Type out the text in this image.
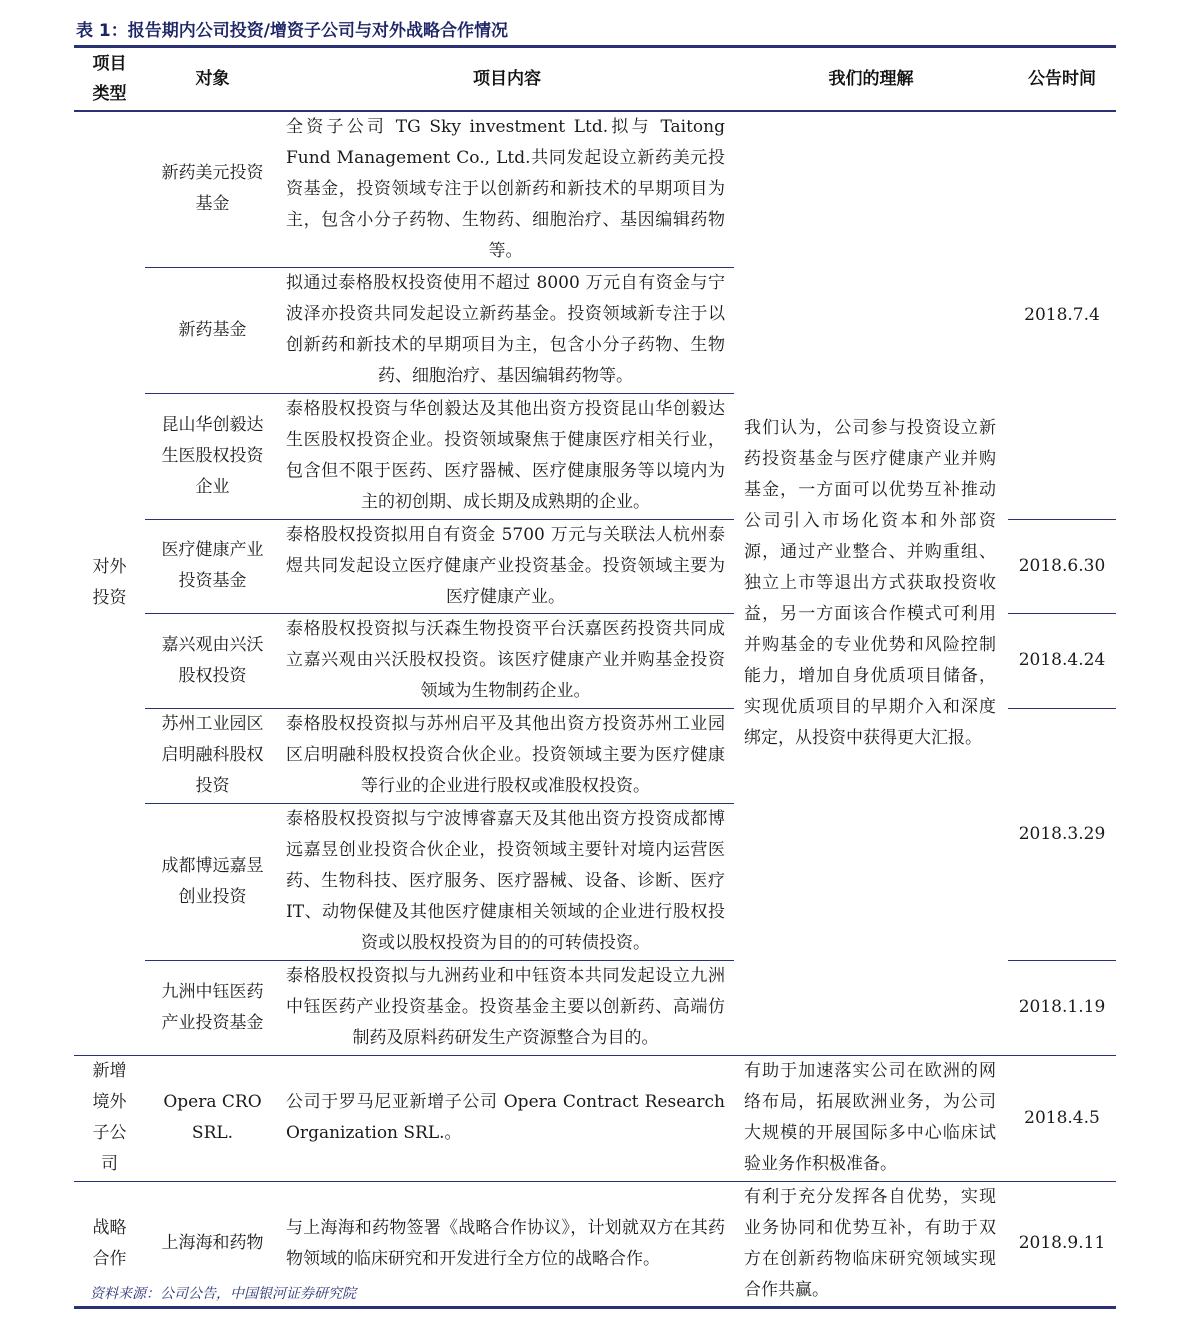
表 1：报告期内公司投资/增资子公司与对外战略合作情况
项目类型	对象	项目内容	我们的理解	公告时间
对外投资	新药美元投资基金	全资子公司 TG Sky investment Ltd.拟与 Taitong Fund Management Co., Ltd.共同发起设立新药美元投资基金，投资领域专注于以创新药和新技术的早期项目为主，包含小分子药物、生物药、细胞治疗、基因编辑药物等。	我们认为，公司参与投资设立新药投资基金与医疗健康产业并购基金，一方面可以优势互补推动公司引入市场化资本和外部资源，通过产业整合、并购重组、独立上市等退出方式获取投资收益，另一方面该合作模式可利用并购基金的专业优势和风险控制能力，增加自身优质项目储备，实现优质项目的早期介入和深度绑定，从投资中获得更大汇报。	2018.7.4
	新药基金	拟通过泰格股权投资使用不超过 8000 万元自有资金与宁波泽亦投资共同发起设立新药基金。投资领域新专注于以创新药和新技术的早期项目为主，包含小分子药物、生物药、细胞治疗、基因编辑药物等。		
	昆山华创毅达生医股权投资企业	泰格股权投资与华创毅达及其他出资方投资昆山华创毅达生医股权投资企业。投资领域聚焦于健康医疗相关行业，包含但不限于医药、医疗器械、医疗健康服务等以境内为主的初创期、成长期及成熟期的企业。		
	医疗健康产业投资基金	泰格股权投资拟用自有资金 5700 万元与关联法人杭州泰煜共同发起设立医疗健康产业投资基金。投资领域主要为医疗健康产业。		2018.6.30
	嘉兴观由兴沃股权投资	泰格股权投资拟与沃森生物投资平台沃嘉医药投资共同成立嘉兴观由兴沃股权投资。该医疗健康产业并购基金投资领域为生物制药企业。		2018.4.24
	苏州工业园区启明融科股权投资	泰格股权投资拟与苏州启平及其他出资方投资苏州工业园区启明融科股权投资合伙企业。投资领域主要为医疗健康等行业的企业进行股权或准股权投资。		2018.3.29
	成都博远嘉昱创业投资	泰格股权投资拟与宁波博睿嘉天及其他出资方投资成都博远嘉昱创业投资合伙企业，投资领域主要针对境内运营医药、生物科技、医疗服务、医疗器械、设备、诊断、医疗 IT、动物保健及其他医疗健康相关领域的企业进行股权投资或以股权投资为目的的可转债投资。		
	九洲中钰医药产业投资基金	泰格股权投资拟与九洲药业和中钰资本共同发起设立九洲中钰医药产业投资基金。投资基金主要以创新药、高端仿制药及原料药研发生产资源整合为目的。		2018.1.19
新增境外子公司	Opera CRO SRL.	公司于罗马尼亚新增子公司 Opera Contract Research Organization SRL.。	有助于加速落实公司在欧洲的网络布局，拓展欧洲业务，为公司大规模的开展国际多中心临床试验业务作积极准备。	2018.4.5
战略合作	上海海和药物	与上海海和药物签署《战略合作协议》，计划就双方在其药物领域的临床研究和开发进行全方位的战略合作。	有利于充分发挥各自优势，实现业务协同和优势互补，有助于双方在创新药物临床研究领域实现合作共赢。	2018.9.11
资料来源：公司公告，中国银河证券研究院
